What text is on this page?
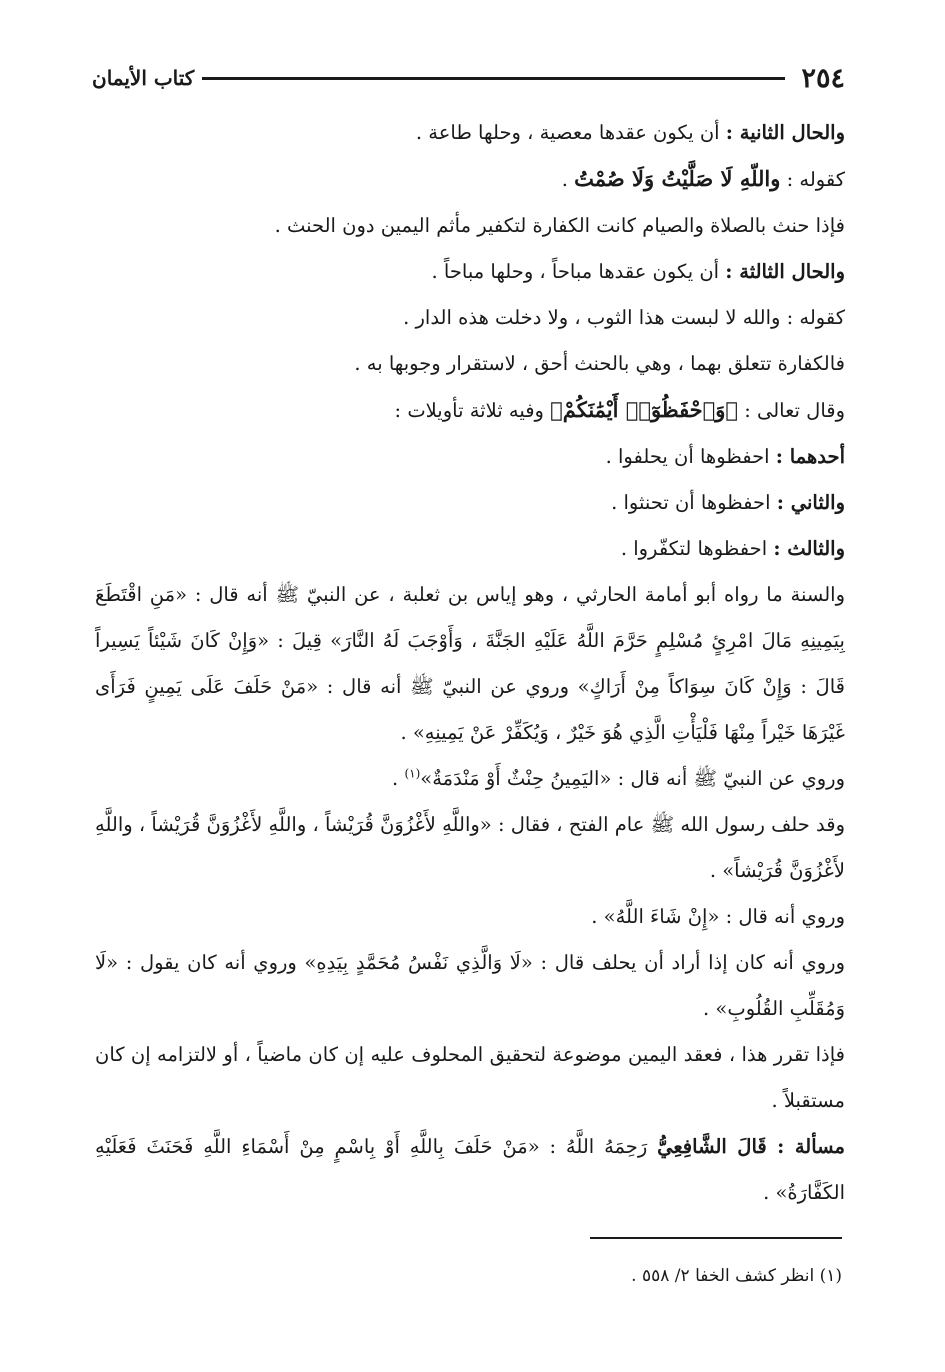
٢٥٤
كتاب الأيمان

والحال الثانية : أن يكون عقدها معصية ، وحلها طاعة .

كقوله : واللّهِ لَا صَلَّيْتُ وَلَا صُمْتُ .

فإذا حنث بالصلاة والصيام كانت الكفارة لتكفير مأثم اليمين دون الحنث .

والحال الثالثة : أن يكون عقدها مباحاً ، وحلها مباحاً .

كقوله : والله لا لبست هذا الثوب ، ولا دخلت هذه الدار .

فالكفارة تتعلق بهما ، وهي بالحنث أحق ، لاستقرار وجوبها به .

وقال تعالى : ﴿وَٱحْفَظُوٓا۟ أَيْمَٰنَكُمْ﴾ وفيه ثلاثة تأويلات :

أحدهما : احفظوها أن يحلفوا .

والثاني : احفظوها أن تحنثوا .

والثالث : احفظوها لتكفّروا .

والسنة ما رواه أبو أمامة الحارثي ، وهو إياس بن ثعلبة ، عن النبيّ ﷺ أنه قال : «مَنِ اقْتَطَعَ بِيَمِينِهِ مَالَ امْرِئٍ مُسْلِمٍ حَرَّمَ اللَّهُ عَلَيْهِ الجَنَّةَ ، وَأَوْجَبَ لَهُ النَّارَ» قِيلَ : «وَإِنْ كَانَ شَيْئاً يَسِيراً قَالَ : وَإِنْ كَانَ سِوَاكاً مِنْ أَرَاكٍ» وروي عن النبيّ ﷺ أنه قال : «مَنْ حَلَفَ عَلَى يَمِينٍ فَرَأَى غَيْرَهَا خَيْراً مِنْهَا فَلْيَأْتِ الَّذِي هُوَ خَيْرٌ ، وَيُكَفِّرْ عَنْ يَمِينِهِ» .

وروي عن النبيّ ﷺ أنه قال : «اليَمِينُ حِنْثٌ أَوْ مَنْدَمَةٌ»$^{(١)}$ .

وقد حلف رسول الله ﷺ عام الفتح ، فقال : «واللَّهِ لأَغْزُوَنَّ قُرَيْشاً ، واللَّهِ لأَغْزُوَنَّ قُرَيْشاً ، واللَّهِ لأَغْزُوَنَّ قُرَيْشاً» .

وروي أنه قال : «إِنْ شَاءَ اللَّهُ» .

وروي أنه كان إذا أراد أن يحلف قال : «لَا وَالَّذِي نَفْسُ مُحَمَّدٍ بِيَدِهِ» وروي أنه كان يقول : «لَا وَمُقَلِّبِ القُلُوبِ» .

فإذا تقرر هذا ، فعقد اليمين موضوعة لتحقيق المحلوف عليه إن كان ماضياً ، أو لالتزامه إن كان مستقبلاً .

مسألة : قَالَ الشَّافِعِيُّ رَحِمَهُ اللَّهُ : «مَنْ حَلَفَ بِاللَّهِ أَوْ بِاسْمٍ مِنْ أَسْمَاءِ اللَّهِ فَحَنَثَ فَعَلَيْهِ الكَفَّارَةُ» .

(١) انظر كشف الخفا ٢/ ٥٥٨ .
